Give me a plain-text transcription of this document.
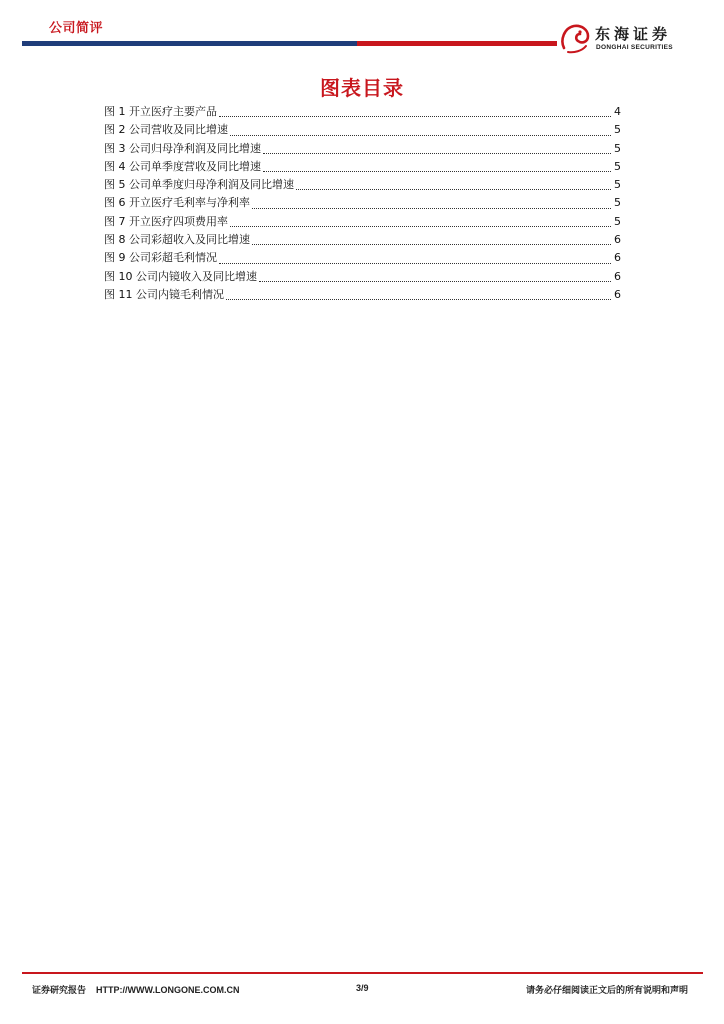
公司简评	东海证券
DONGHAI SECURITIES
图表目录
图 1 开立医疗主要产品	4
图 2 公司营收及同比增速	5
图 3 公司归母净利润及同比增速	5
图 4 公司单季度营收及同比增速	5
图 5 公司单季度归母净利润及同比增速	5
图 6 开立医疗毛利率与净利率	5
图 7 开立医疗四项费用率	5
图 8 公司彩超收入及同比增速	6
图 9 公司彩超毛利情况	6
图 10 公司内镜收入及同比增速	6
图 11 公司内镜毛利情况	6
证券研究报告 HTTP://WWW.LONGONE.COM.CN	3/9	请务必仔细阅读正文后的所有说明和声明
